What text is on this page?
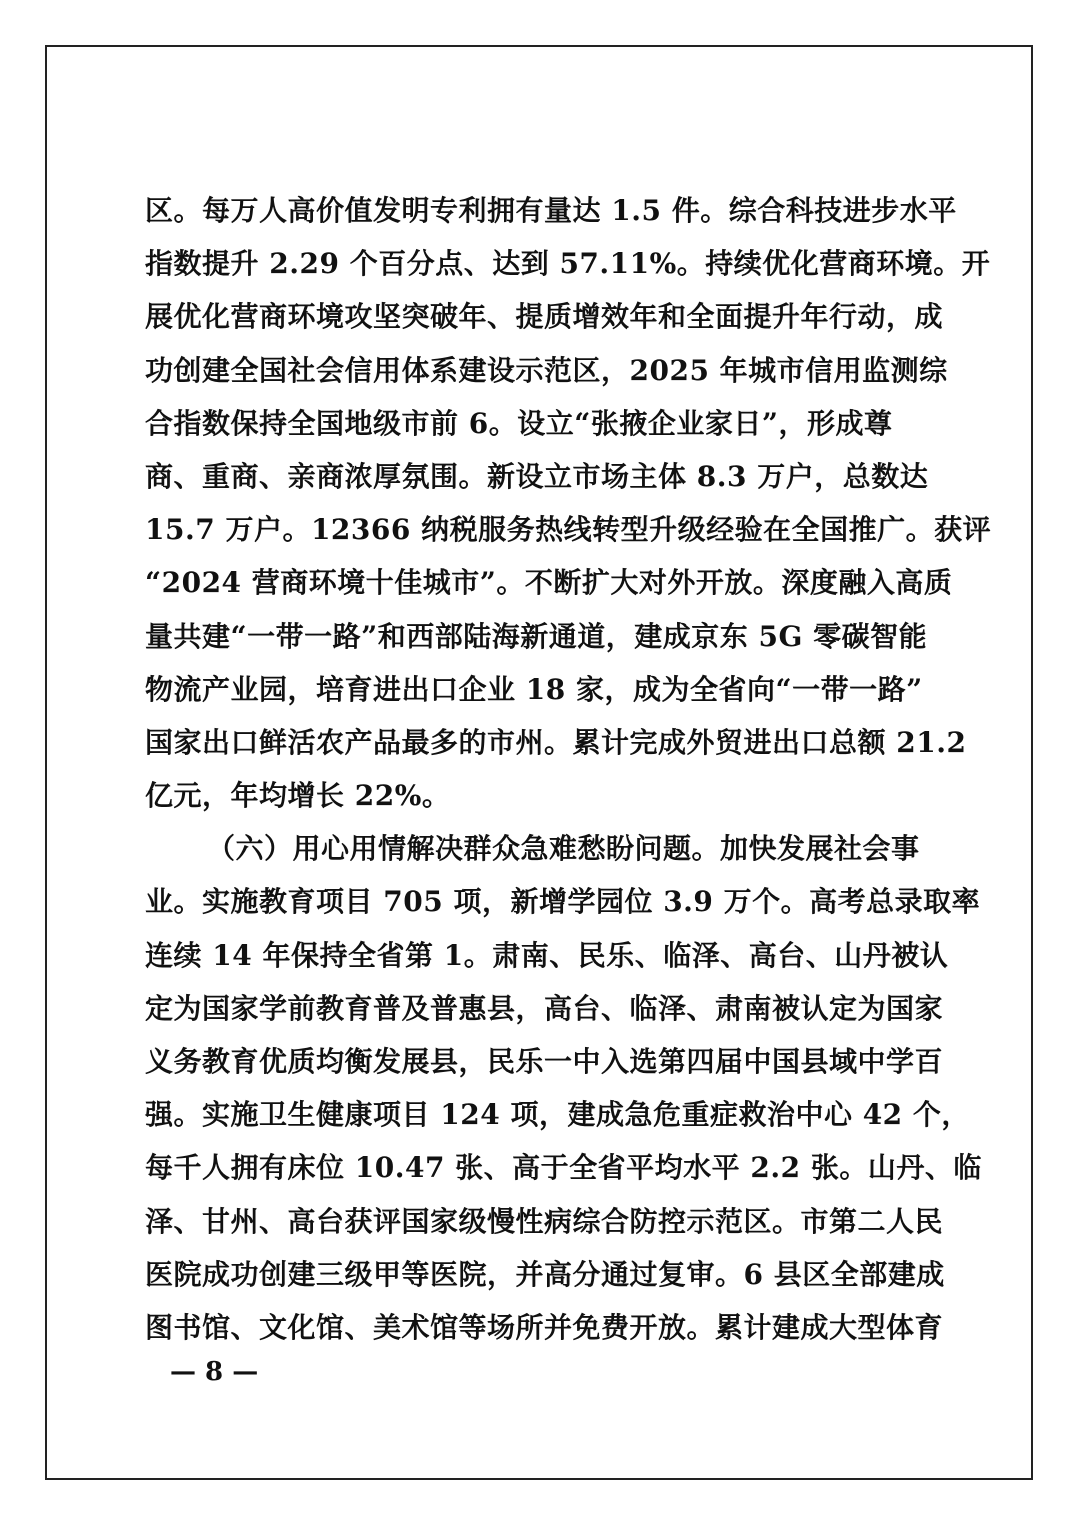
区。每万人高价值发明专利拥有量达 1.5 件。综合科技进步水平
指数提升 2.29 个百分点、达到 57.11%。持续优化营商环境。开
展优化营商环境攻坚突破年、提质增效年和全面提升年行动，成
功创建全国社会信用体系建设示范区，2025 年城市信用监测综
合指数保持全国地级市前 6。设立“张掖企业家日”，形成尊
商、重商、亲商浓厚氛围。新设立市场主体 8.3 万户，总数达
15.7 万户。12366 纳税服务热线转型升级经验在全国推广。获评
“2024 营商环境十佳城市”。不断扩大对外开放。深度融入高质
量共建“一带一路”和西部陆海新通道，建成京东 5G 零碳智能
物流产业园，培育进出口企业 18 家，成为全省向“一带一路”
国家出口鲜活农产品最多的市州。累计完成外贸进出口总额 21.2
亿元，年均增长 22%。
（六）用心用情解决群众急难愁盼问题。加快发展社会事
业。实施教育项目 705 项，新增学园位 3.9 万个。高考总录取率
连续 14 年保持全省第 1。肃南、民乐、临泽、高台、山丹被认
定为国家学前教育普及普惠县，高台、临泽、肃南被认定为国家
义务教育优质均衡发展县，民乐一中入选第四届中国县域中学百
强。实施卫生健康项目 124 项，建成急危重症救治中心 42 个，
每千人拥有床位 10.47 张、高于全省平均水平 2.2 张。山丹、临
泽、甘州、高台获评国家级慢性病综合防控示范区。市第二人民
医院成功创建三级甲等医院，并高分通过复审。6 县区全部建成
图书馆、文化馆、美术馆等场所并免费开放。累计建成大型体育
— 8 —
